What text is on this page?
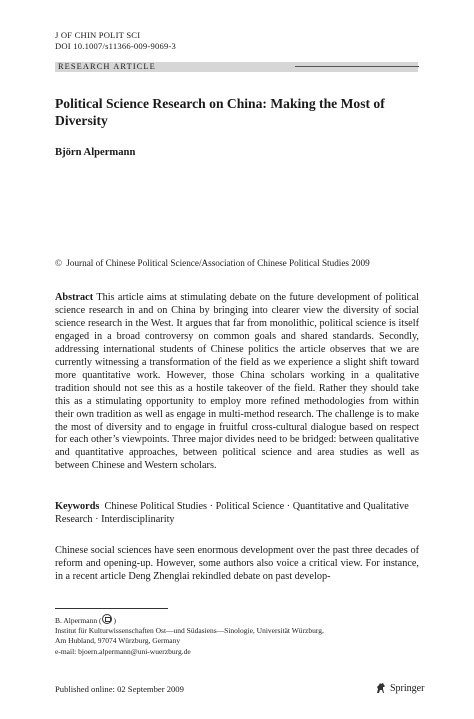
J OF CHIN POLIT SCI
DOI 10.1007/s11366-009-9069-3
RESEARCH ARTICLE
Political Science Research on China: Making the Most of Diversity
Björn Alpermann
© Journal of Chinese Political Science/Association of Chinese Political Studies 2009
Abstract This article aims at stimulating debate on the future development of political science research in and on China by bringing into clearer view the diversity of social science research in the West. It argues that far from monolithic, political science is itself engaged in a broad controversy on common goals and shared standards. Secondly, addressing international students of Chinese politics the article observes that we are currently witnessing a transformation of the field as we experience a slight shift toward more quantitative work. However, those China scholars working in a qualitative tradition should not see this as a hostile takeover of the field. Rather they should take this as a stimulating opportunity to employ more refined methodologies from within their own tradition as well as engage in multi-method research. The challenge is to make the most of diversity and to engage in fruitful cross-cultural dialogue based on respect for each other’s viewpoints. Three major divides need to be bridged: between qualitative and quantitative approaches, between political science and area studies as well as between Chinese and Western scholars.
Keywords Chinese Political Studies · Political Science · Quantitative and Qualitative Research · Interdisciplinarity
Chinese social sciences have seen enormous development over the past three decades of reform and opening-up. However, some authors also voice a critical view. For instance, in a recent article Deng Zhenglai rekindled debate on past develop-
B. Alpermann ( )
Institut für Kulturwissenschaften Ost—und Südasiens—Sinologie, Universität Würzburg,
Am Hubland, 97074 Würzburg, Germany
e-mail: bjoern.alpermann@uni-wuerzburg.de
Published online: 02 September 2009	Springer
